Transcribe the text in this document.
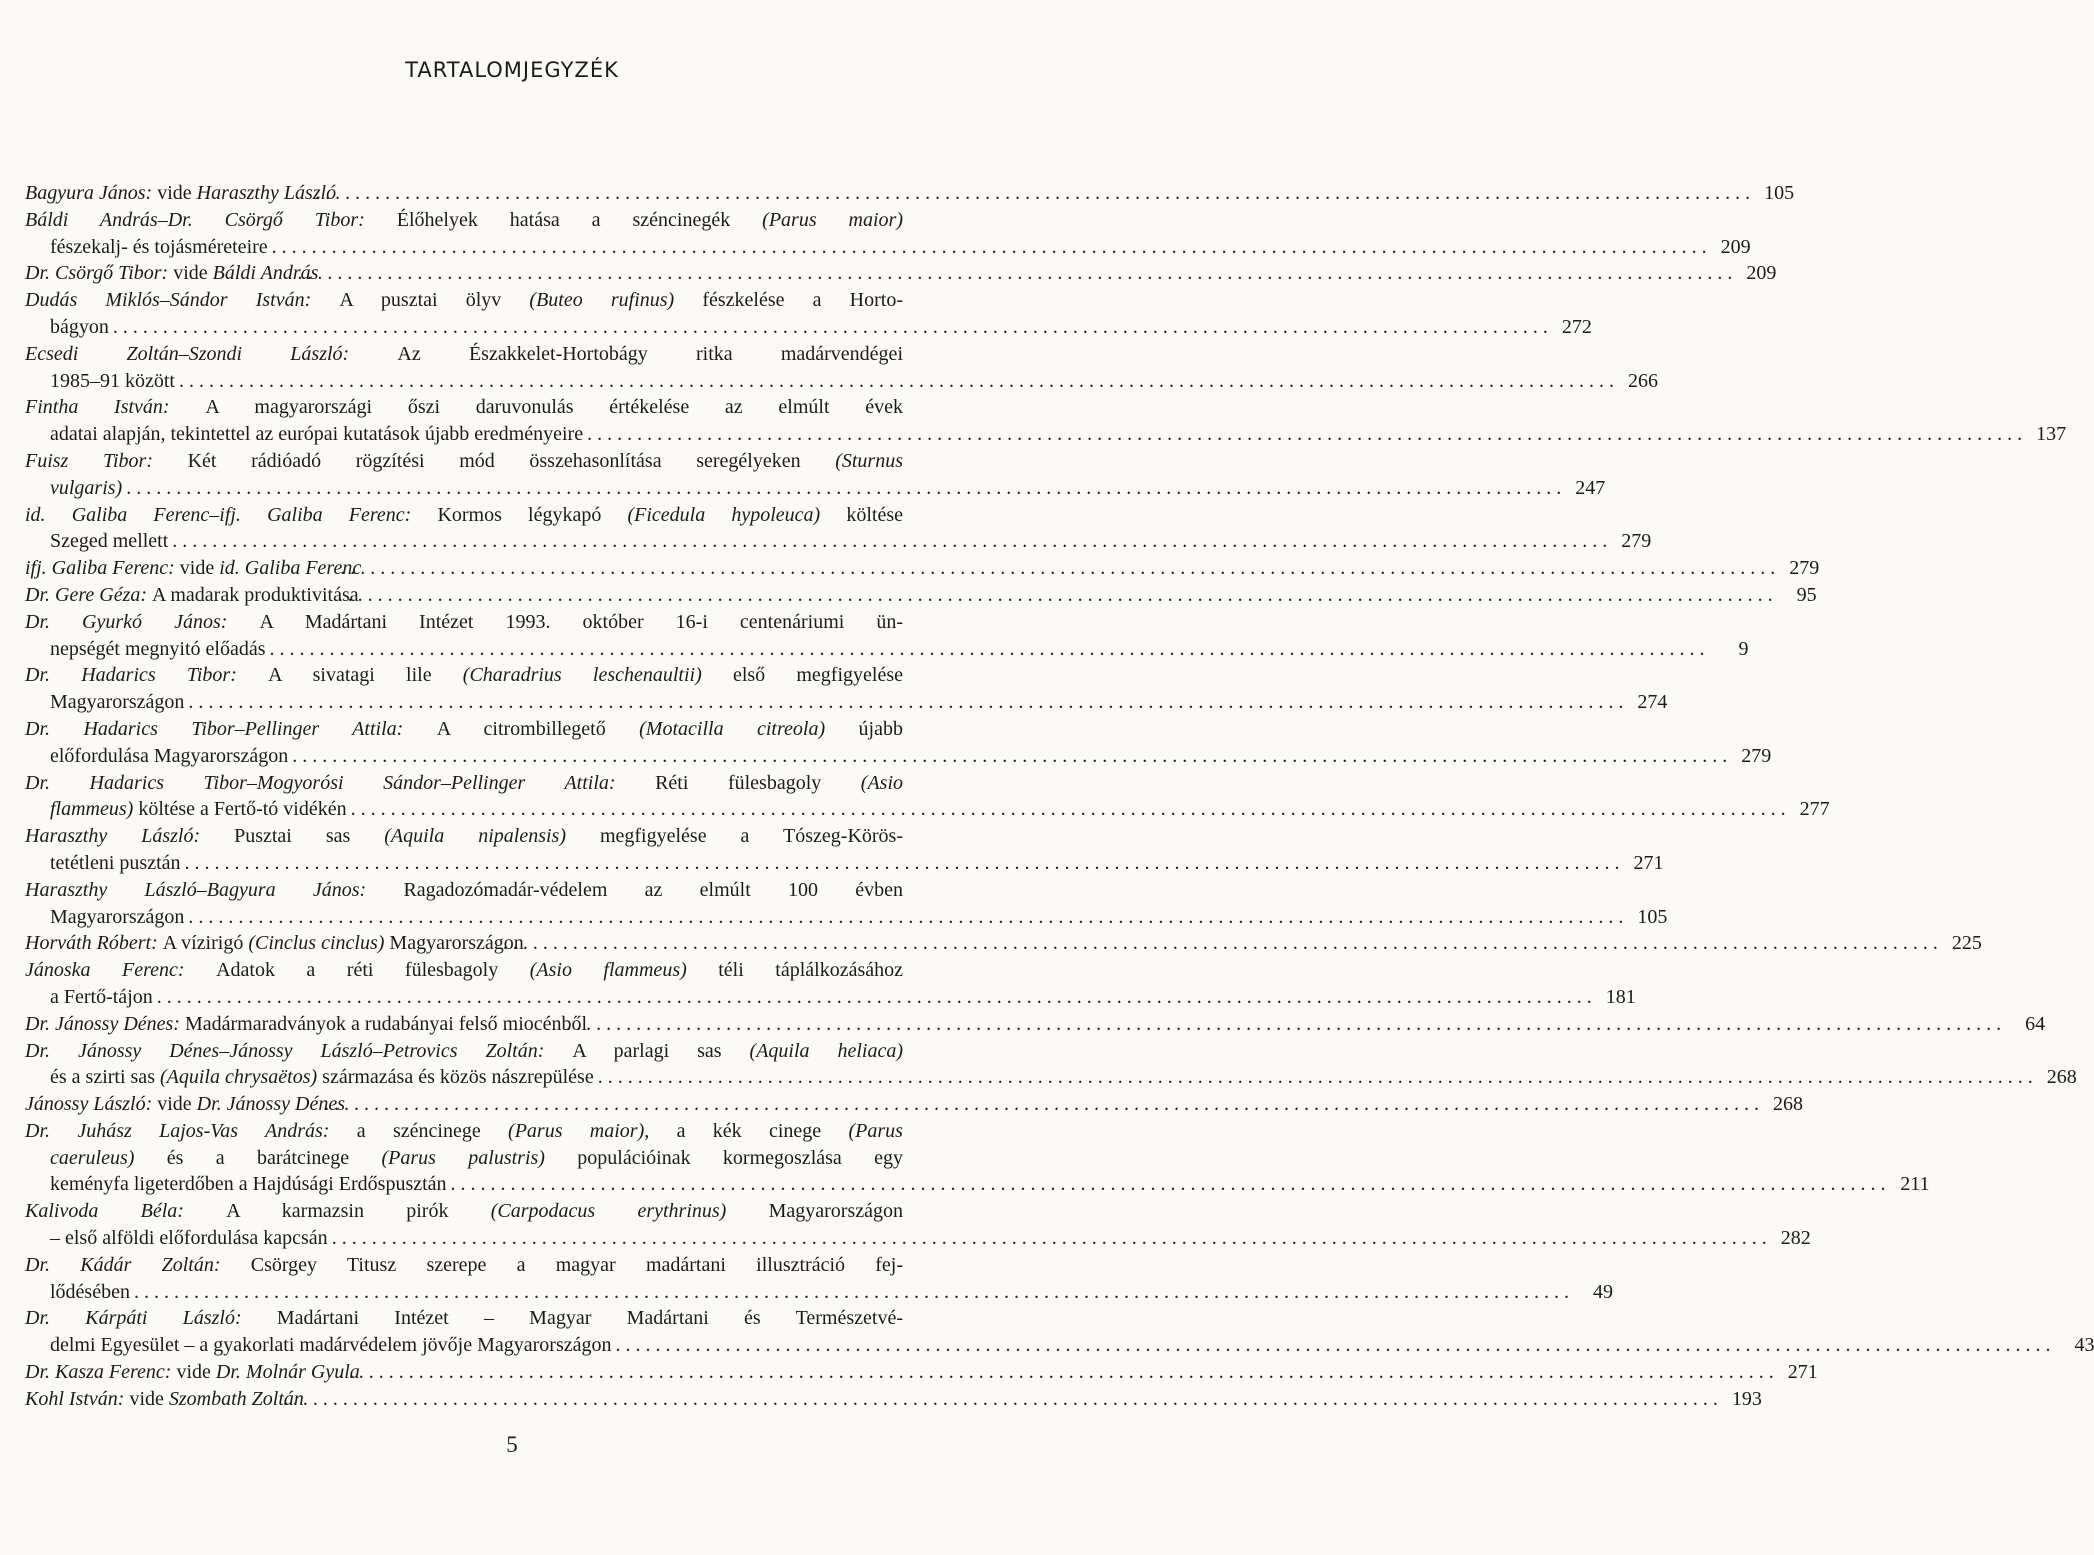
TARTALOMJEGYZÉK
Bagyura János: vide Haraszthy László . . .	105
Báldi András–Dr. Csörgő Tibor: Élőhelyek hatása a széncinegék (Parus maior)
fészekalj- és tojásméreteire . . .	209
Dr. Csörgő Tibor: vide Báldi András . . .	209
Dudás Miklós–Sándor István: A pusztai ölyv (Buteo rufinus) fészkelése a Horto-
bágyon . . .	272
Ecsedi Zoltán–Szondi László: Az Északkelet-Hortobágy ritka madárvendégei
1985–91 között . . .	266
Fintha István: A magyarországi őszi daruvonulás értékelése az elmúlt évek
adatai alapján, tekintettel az európai kutatások újabb eredményeire . . .	137
Fuisz Tibor: Két rádióadó rögzítési mód összehasonlítása seregélyeken (Sturnus
vulgaris) . . .	247
id. Galiba Ferenc–ifj. Galiba Ferenc: Kormos légykapó (Ficedula hypoleuca) költése
Szeged mellett . . .	279
ifj. Galiba Ferenc: vide id. Galiba Ferenc . . .	279
Dr. Gere Géza: A madarak produktivitása . . .	95
Dr. Gyurkó János: A Madártani Intézet 1993. október 16-i centenáriumi ün-
nepségét megnyitó előadás . . .	9
Dr. Hadarics Tibor: A sivatagi lile (Charadrius leschenaultii) első megfigyelése
Magyarországon . . .	274
Dr. Hadarics Tibor–Pellinger Attila: A citrombillegető (Motacilla citreola) újabb
előfordulása Magyarországon . . .	279
Dr. Hadarics Tibor–Mogyorósi Sándor–Pellinger Attila: Réti fülesbagoly (Asio
flammeus) költése a Fertő-tó vidékén . . .	277
Haraszthy László: Pusztai sas (Aquila nipalensis) megfigyelése a Tószeg-Körös-
tetétleni pusztán . . .	271
Haraszthy László–Bagyura János: Ragadozómadár-védelem az elmúlt 100 évben
Magyarországon . . .	105
Horváth Róbert: A vízirigó (Cinclus cinclus) Magyarországon . . .	225
Jánoska Ferenc: Adatok a réti fülesbagoly (Asio flammeus) téli táplálkozásához
a Fertő-tájon . . .	181
Dr. Jánossy Dénes: Madármaradványok a rudabányai felső miocénből . . .	64
Dr. Jánossy Dénes–Jánossy László–Petrovics Zoltán: A parlagi sas (Aquila heliaca)
és a szirti sas (Aquila chrysaëtos) származása és közös nászrepülése . . .	268
Jánossy László: vide Dr. Jánossy Dénes . . .	268
Dr. Juhász Lajos-Vas András: a széncinege (Parus maior), a kék cinege (Parus
caeruleus) és a barátcinege (Parus palustris) populációinak kormegoszlása egy
keményfa ligeterdőben a Hajdúsági Erdőspusztán . . .	211
Kalivoda Béla: A karmazsin pirók (Carpodacus erythrinus) Magyarországon
– első alföldi előfordulása kapcsán . . .	282
Dr. Kádár Zoltán: Csörgey Titusz szerepe a magyar madártani illusztráció fej-
lődésében . . .	49
Dr. Kárpáti László: Madártani Intézet – Magyar Madártani és Természetvé-
delmi Egyesület – a gyakorlati madárvédelem jövője Magyarországon . . .	43
Dr. Kasza Ferenc: vide Dr. Molnár Gyula . . .	271
Kohl István: vide Szombath Zoltán . . .	193
5
